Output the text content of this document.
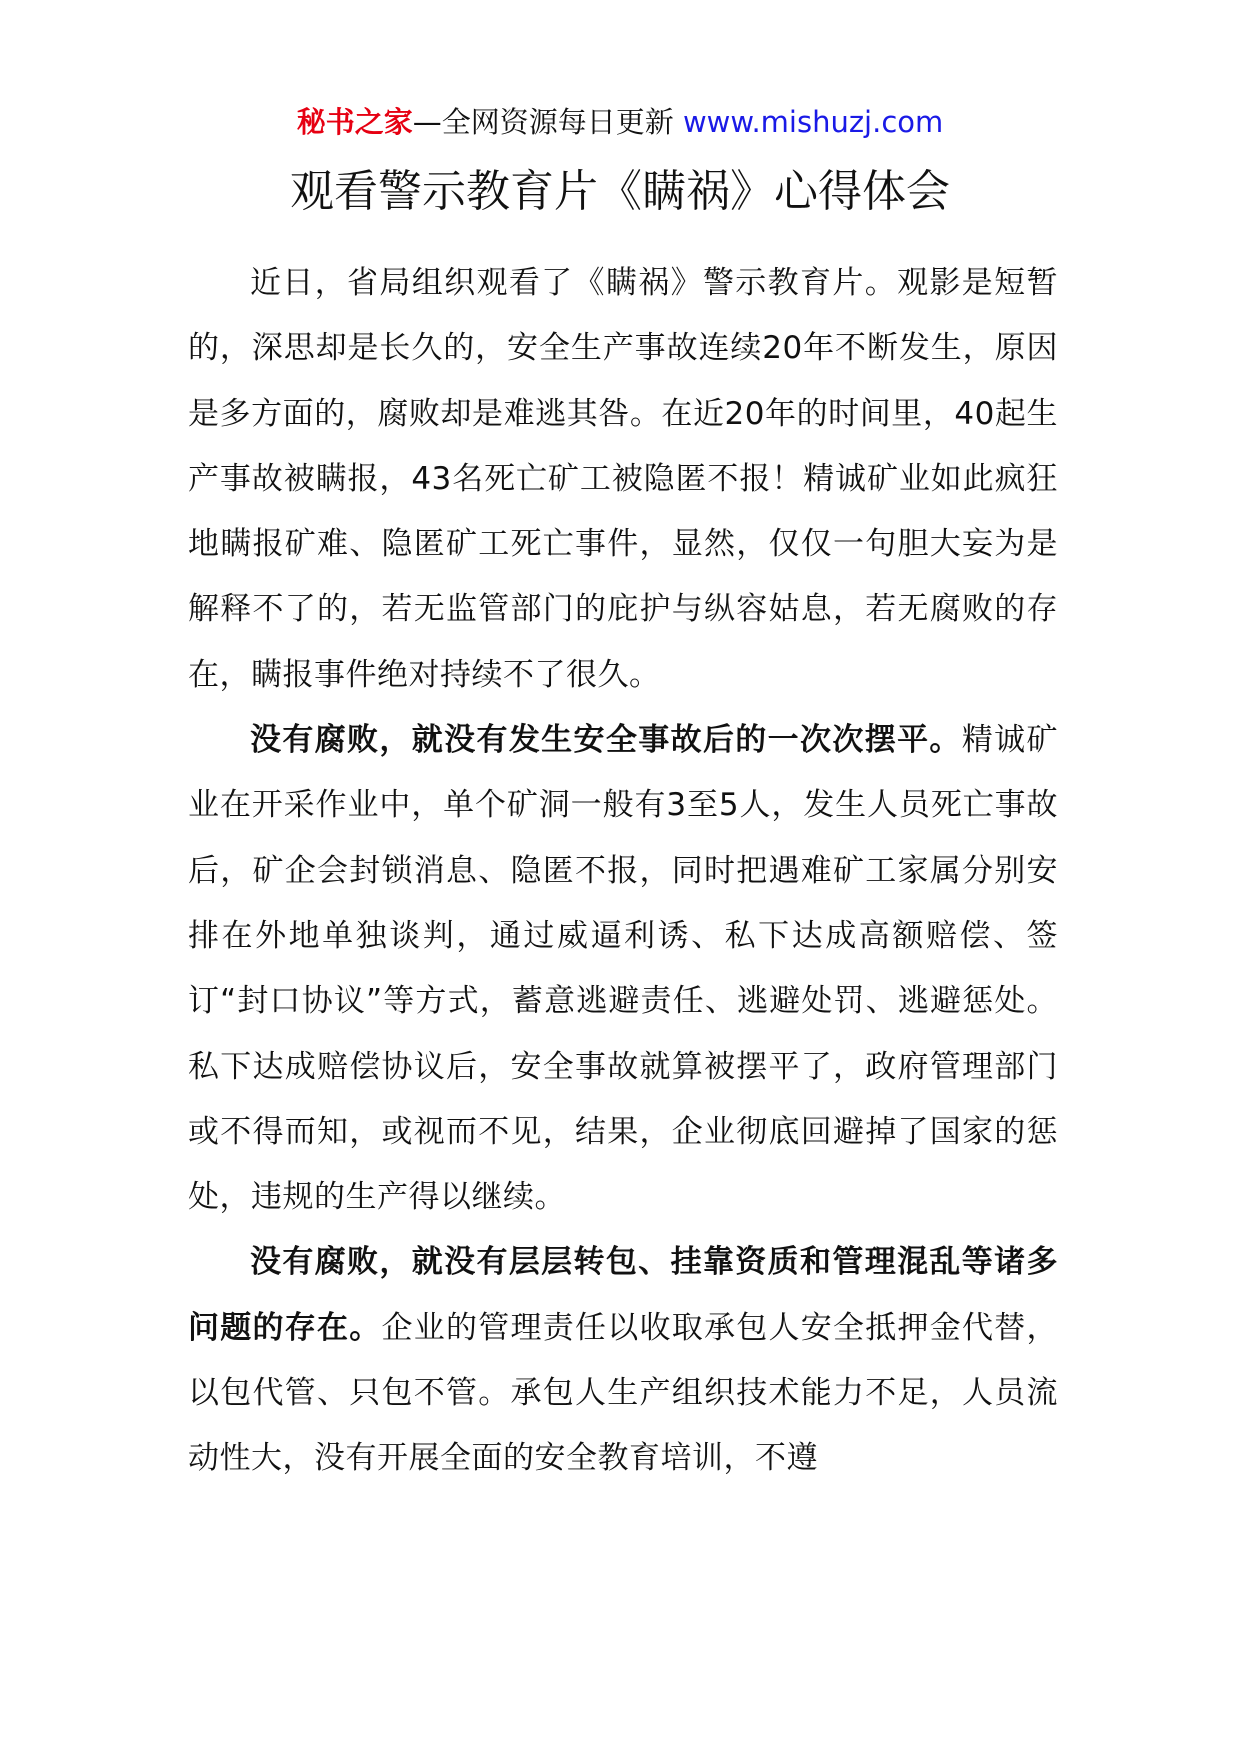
秘书之家—全网资源每日更新 www.mishuzj.com
观看警示教育片《瞒祸》心得体会

近日，省局组织观看了《瞒祸》警示教育片。观影是短暂的，深思却是长久的，安全生产事故连续20年不断发生，原因是多方面的，腐败却是难逃其咎。在近20年的时间里，40起生产事故被瞒报，43名死亡矿工被隐匿不报！精诚矿业如此疯狂地瞒报矿难、隐匿矿工死亡事件，显然，仅仅一句胆大妄为是解释不了的，若无监管部门的庇护与纵容姑息，若无腐败的存在，瞒报事件绝对持续不了很久。

没有腐败，就没有发生安全事故后的一次次摆平。精诚矿业在开采作业中，单个矿洞一般有3至5人，发生人员死亡事故后，矿企会封锁消息、隐匿不报，同时把遇难矿工家属分别安排在外地单独谈判，通过威逼利诱、私下达成高额赔偿、签订“封口协议”等方式，蓄意逃避责任、逃避处罚、逃避惩处。私下达成赔偿协议后，安全事故就算被摆平了，政府管理部门或不得而知，或视而不见，结果，企业彻底回避掉了国家的惩处，违规的生产得以继续。

没有腐败，就没有层层转包、挂靠资质和管理混乱等诸多问题的存在。企业的管理责任以收取承包人安全抵押金代替，以包代管、只包不管。承包人生产组织技术能力不足，人员流动性大，没有开展全面的安全教育培训，不遵
